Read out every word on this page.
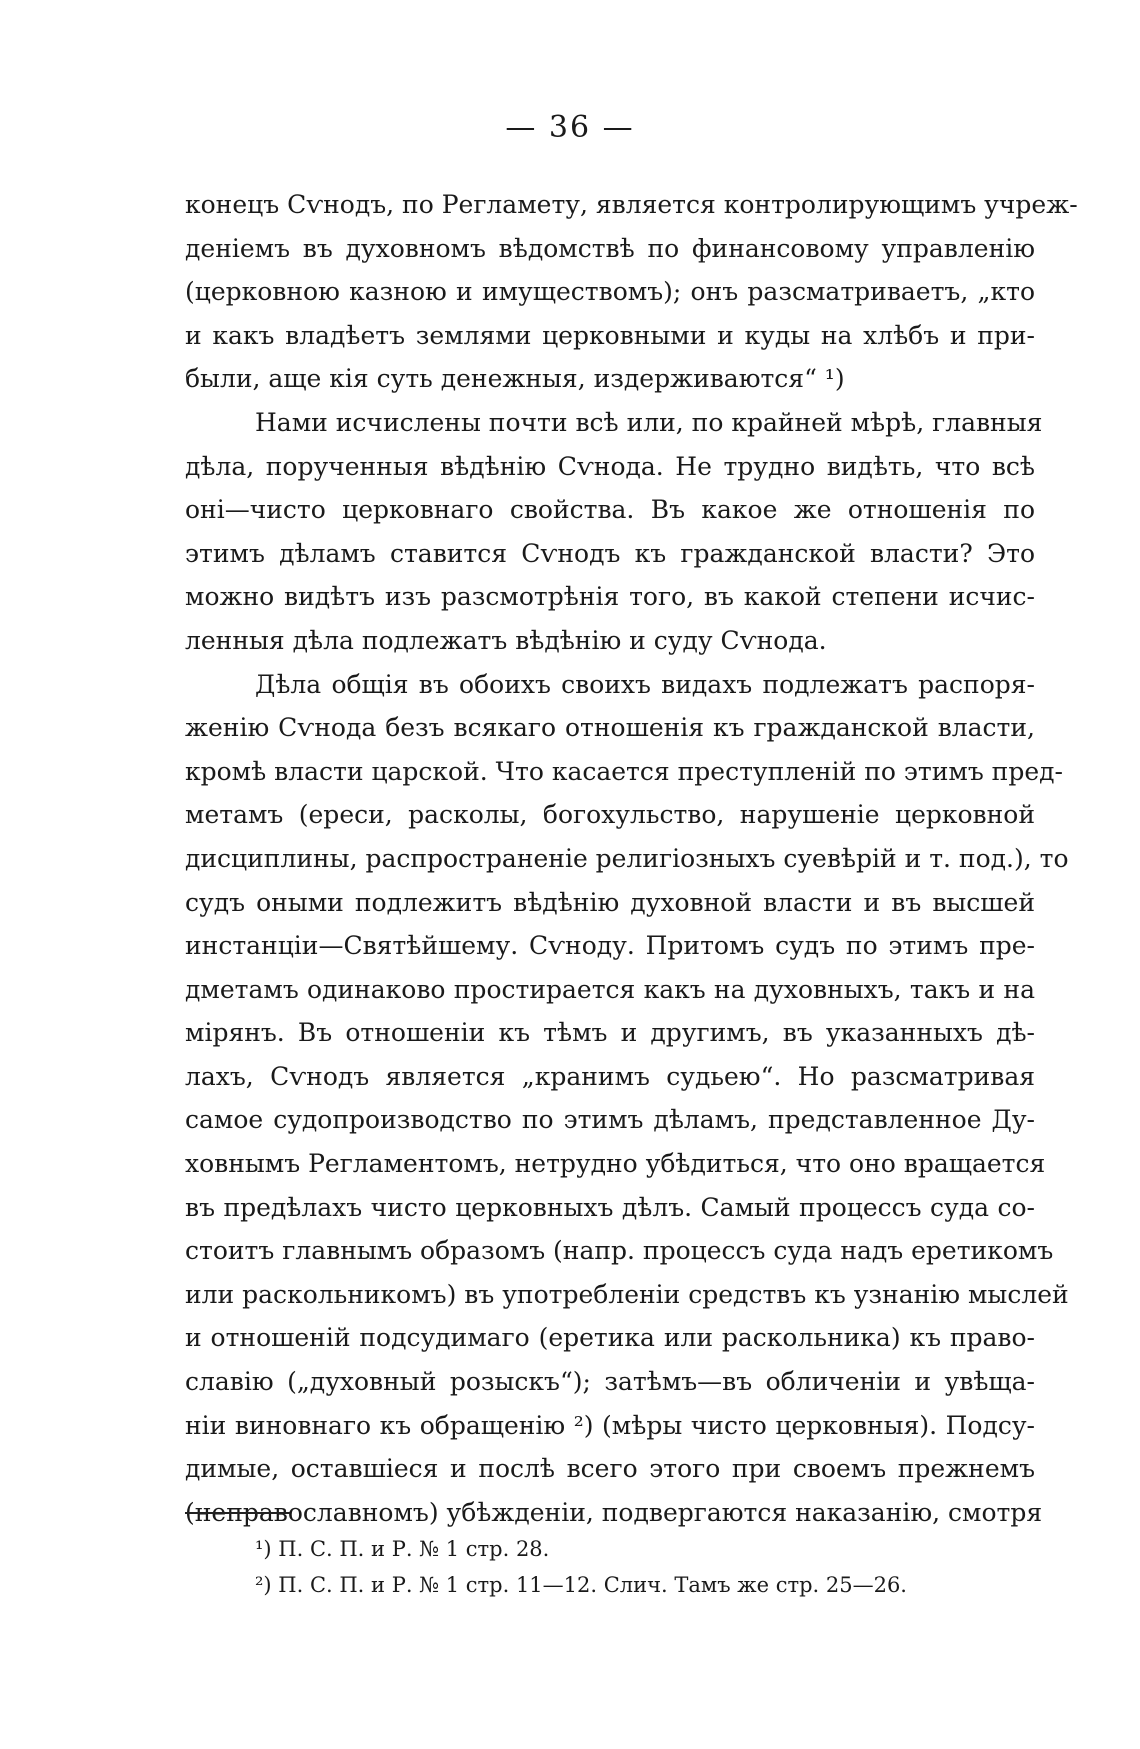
— 36 —
конецъ Сѵнодъ, по Регламету, является контролирующимъ учреж-
деніемъ въ духовномъ вѣдомствѣ по финансовому управленію
(церковною казною и имуществомъ); онъ разсматриваетъ, „кто
и какъ владѣетъ землями церковными и куды на хлѣбъ и при-
были, аще кія суть денежныя, издерживаются“ ¹)
Нами исчислены почти всѣ или, по крайней мѣрѣ, главныя
дѣла, порученныя вѣдѣнію Сѵнода. Не трудно видѣть, что всѣ
оні—чисто церковнаго свойства. Въ какое же отношенія по
этимъ дѣламъ ставится Сѵнодъ къ гражданской власти? Это
можно видѣтъ изъ разсмотрѣнія того, въ какой степени исчис-
ленныя дѣла подлежатъ вѣдѣнію и суду Сѵнода.
Дѣла общія въ обоихъ своихъ видахъ подлежатъ распоря-
женію Сѵнода безъ всякаго отношенія къ гражданской власти,
кромѣ власти царской. Что касается преступленій по этимъ пред-
метамъ (ереси, расколы, богохульство, нарушеніе церковной
дисциплины, распространеніе религіозныхъ суевѣрій и т. под.), то
судъ оными подлежитъ вѣдѣнію духовной власти и въ высшей
инстанціи—Святѣйшему. Сѵноду. Притомъ судъ по этимъ пре-
дметамъ одинаково простирается какъ на духовныхъ, такъ и на
мірянъ. Въ отношеніи къ тѣмъ и другимъ, въ указанныхъ дѣ-
лахъ, Сѵнодъ является „кранимъ судьею“. Но разсматривая
самое судопроизводство по этимъ дѣламъ, представленное Ду-
ховнымъ Регламентомъ, нетрудно убѣдиться, что оно вращается
въ предѣлахъ чисто церковныхъ дѣлъ. Самый процессъ суда со-
стоитъ главнымъ образомъ (напр. процессъ суда надъ еретикомъ
или раскольникомъ) въ употребленіи средствъ къ узнанію мыслей
и отношеній подсудимаго (еретика или раскольника) къ право-
славію („духовный розыскъ“); затѣмъ—въ обличеніи и увѣща-
ніи виновнаго къ обращенію ²) (мѣры чисто церковныя). Подсу-
димые, оставшіеся и послѣ всего этого при своемъ прежнемъ
(неправославномъ) убѣжденіи, подвергаются наказанію, смотря
¹) П. С. П. и Р. № 1 стр. 28.
²) П. С. П. и Р. № 1 стр. 11—12. Слич. Тамъ же стр. 25—26.
